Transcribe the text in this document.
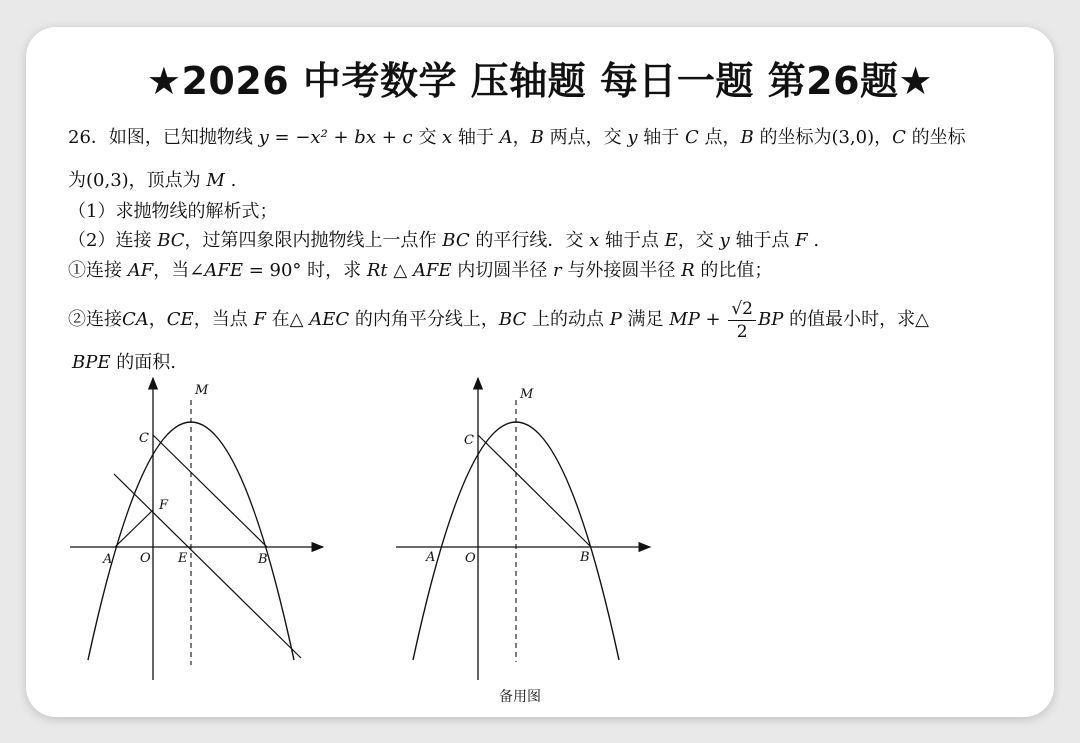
★2026 中考数学 压轴题 每日一题 第26题★
26．如图，已知抛物线 y = −x² + bx + c 交 x 轴于 A，B 两点，交 y 轴于 C 点，B 的坐标为(3,0)，C 的坐标
为(0,3)，顶点为 M .
（1）求抛物线的解析式；
（2）连接 BC，过第四象限内抛物线上一点作 BC 的平行线．交 x 轴于点 E，交 y 轴于点 F .
①连接 AF，当∠AFE = 90° 时，求 Rt △ AFE 内切圆半径 r 与外接圆半径 R 的比值；
②连接CA，CE，当点 F 在△ AEC 的内角平分线上，BC 上的动点 P 满足 MP + $\frac{√2}{2}$ BP 的值最小时，求△
BPE 的面积.
M
C
F
A O E	B
M
C
A O	B
备用图
